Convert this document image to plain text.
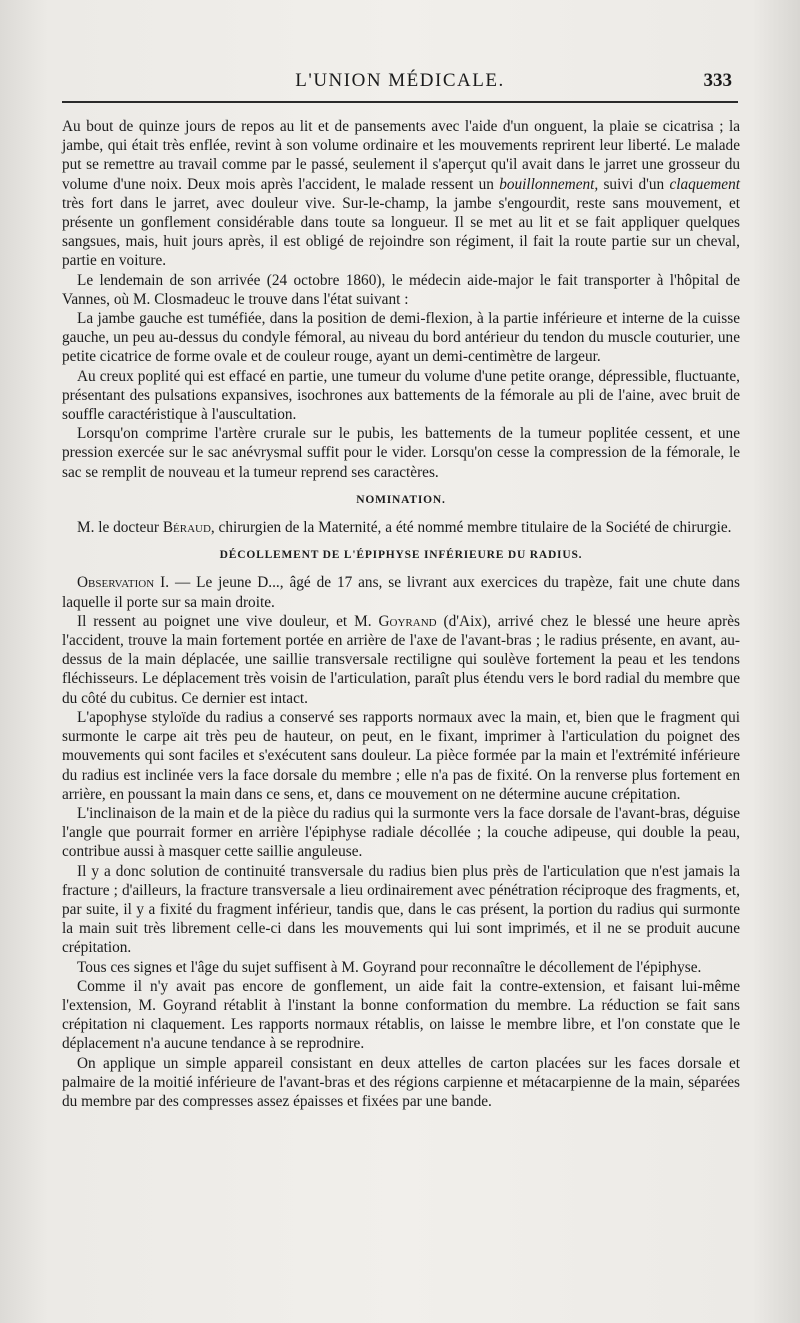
L'UNION MÉDICALE.	333

Au bout de quinze jours de repos au lit et de pansements avec l'aide d'un onguent, la plaie se cicatrisa ; la jambe, qui était très enflée, revint à son volume ordinaire et les mouvements reprirent leur liberté. Le malade put se remettre au travail comme par le passé, seulement il s'aperçut qu'il avait dans le jarret une grosseur du volume d'une noix. Deux mois après l'accident, le malade ressent un bouillonnement, suivi d'un claquement très fort dans le jarret, avec douleur vive. Sur-le-champ, la jambe s'engourdit, reste sans mouvement, et présente un gonflement considérable dans toute sa longueur. Il se met au lit et se fait appliquer quelques sangsues, mais, huit jours après, il est obligé de rejoindre son régiment, il fait la route partie sur un cheval, partie en voiture.

Le lendemain de son arrivée (24 octobre 1860), le médecin aide-major le fait transporter à l'hôpital de Vannes, où M. Closmadeuc le trouve dans l'état suivant :

La jambe gauche est tuméfiée, dans la position de demi-flexion, à la partie inférieure et interne de la cuisse gauche, un peu au-dessus du condyle fémoral, au niveau du bord antérieur du tendon du muscle couturier, une petite cicatrice de forme ovale et de couleur rouge, ayant un demi-centimètre de largeur.

Au creux poplité qui est effacé en partie, une tumeur du volume d'une petite orange, dépressible, fluctuante, présentant des pulsations expansives, isochrones aux battements de la fémorale au pli de l'aine, avec bruit de souffle caractéristique à l'auscultation.

Lorsqu'on comprime l'artère crurale sur le pubis, les battements de la tumeur poplitée cessent, et une pression exercée sur le sac anévrysmal suffit pour le vider. Lorsqu'on cesse la compression de la fémorale, le sac se remplit de nouveau et la tumeur reprend ses caractères.

NOMINATION.

M. le docteur Béraud, chirurgien de la Maternité, a été nommé membre titulaire de la Société de chirurgie.

DÉCOLLEMENT DE L'ÉPIPHYSE INFÉRIEURE DU RADIUS.

Observation I. — Le jeune D..., âgé de 17 ans, se livrant aux exercices du trapèze, fait une chute dans laquelle il porte sur sa main droite.

Il ressent au poignet une vive douleur, et M. Goyrand (d'Aix), arrivé chez le blessé une heure après l'accident, trouve la main fortement portée en arrière de l'axe de l'avant-bras ; le radius présente, en avant, au-dessus de la main déplacée, une saillie transversale rectiligne qui soulève fortement la peau et les tendons fléchisseurs. Le déplacement très voisin de l'articulation, paraît plus étendu vers le bord radial du membre que du côté du cubitus. Ce dernier est intact.

L'apophyse styloïde du radius a conservé ses rapports normaux avec la main, et, bien que le fragment qui surmonte le carpe ait très peu de hauteur, on peut, en le fixant, imprimer à l'articulation du poignet des mouvements qui sont faciles et s'exécutent sans douleur. La pièce formée par la main et l'extrémité inférieure du radius est inclinée vers la face dorsale du membre ; elle n'a pas de fixité. On la renverse plus fortement en arrière, en poussant la main dans ce sens, et, dans ce mouvement on ne détermine aucune crépitation.

L'inclinaison de la main et de la pièce du radius qui la surmonte vers la face dorsale de l'avant-bras, déguise l'angle que pourrait former en arrière l'épiphyse radiale décollée ; la couche adipeuse, qui double la peau, contribue aussi à masquer cette saillie anguleuse.

Il y a donc solution de continuité transversale du radius bien plus près de l'articulation que n'est jamais la fracture ; d'ailleurs, la fracture transversale a lieu ordinairement avec pénétration réciproque des fragments, et, par suite, il y a fixité du fragment inférieur, tandis que, dans le cas présent, la portion du radius qui surmonte la main suit très librement celle-ci dans les mouvements qui lui sont imprimés, et il ne se produit aucune crépitation.

Tous ces signes et l'âge du sujet suffisent à M. Goyrand pour reconnaître le décollement de l'épiphyse.

Comme il n'y avait pas encore de gonflement, un aide fait la contre-extension, et faisant lui-même l'extension, M. Goyrand rétablit à l'instant la bonne conformation du membre. La réduction se fait sans crépitation ni claquement. Les rapports normaux rétablis, on laisse le membre libre, et l'on constate que le déplacement n'a aucune tendance à se reprodnire.

On applique un simple appareil consistant en deux attelles de carton placées sur les faces dorsale et palmaire de la moitié inférieure de l'avant-bras et des régions carpienne et métacarpienne de la main, séparées du membre par des compresses assez épaisses et fixées par une bande.
